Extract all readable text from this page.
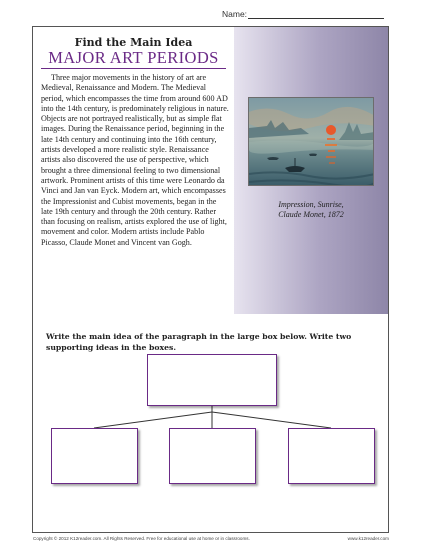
Name:
Find the Main Idea
MAJOR ART PERIODS

Three major movements in the history of art are Medieval, Renaissance and Modern. The Medieval period, which encompasses the time from around 600 AD into the 14th century, is predominately religious in nature. Objects are not portrayed realistically, but as simple flat images. During the Renaissance period, beginning in the late 14th century and continuing into the 16th century, artists developed a more realistic style. Renaissance artists also discovered the use of perspective, which brought a three dimensional feeling to two dimensional artwork. Prominent artists of this time were Leonardo da Vinci and Jan van Eyck. Modern art, which encompasses the Impressionist and Cubist movements, began in the late 19th century and through the 20th century. Rather than focusing on realism, artists explored the use of light, movement and color. Modern artists include Pablo Picasso, Claude Monet and Vincent van Gogh.

Impression, Sunrise,
Claude Monet, 1872

Write the main idea of the paragraph in the large box below. Write two supporting ideas in the boxes.

Copyright © 2012 K12reader.com. All Rights Reserved. Free for educational use at home or in classrooms.	www.k12reader.com
